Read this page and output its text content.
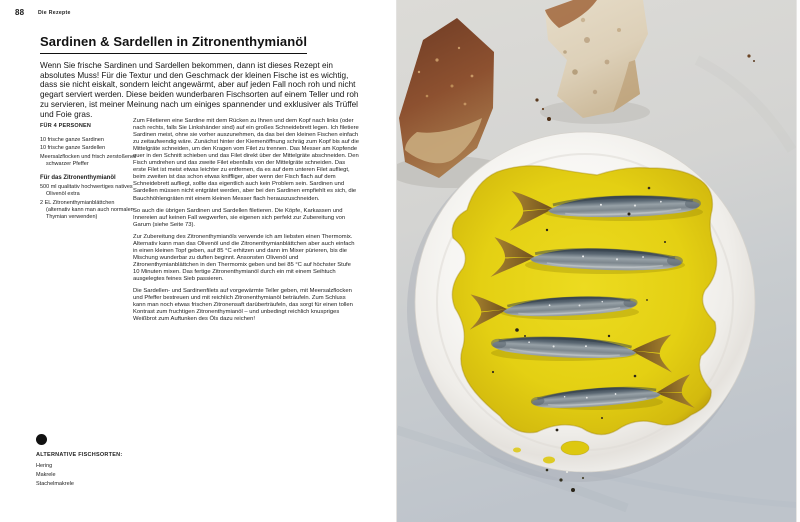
88	Die Rezepte
Sardinen & Sardellen in Zitronenthymianöl
Wenn Sie frische Sardinen und Sardellen bekommen, dann ist dieses Rezept ein absolutes Muss! Für die Textur und den Geschmack der kleinen Fische ist es wichtig, dass sie nicht eiskalt, sondern leicht angewärmt, aber auf jeden Fall noch roh und nicht gegart serviert werden. Diese beiden wunderbaren Fischsorten auf einem Teller und roh zu servieren, ist meiner Meinung nach um einiges spannender und exklusiver als Trüffel und Foie gras.
FÜR 4 PERSONEN
10 frische ganze Sardinen
10 frische ganze Sardellen
Meersalzflocken und frisch zerstoßener schwarzer Pfeffer
Für das Zitronenthymianöl
500 ml qualitativ hochwertiges natives Olivenöl extra
2 EL Zitronenthymianblättchen (alternativ kann man auch normalen Thymian verwenden)

Zum Filetieren eine Sardine mit dem Rücken zu Ihnen und dem Kopf nach links (oder nach rechts, falls Sie Linkshänder sind) auf ein großes Schneidebrett legen. Ich filetiere Sardinen meist, ohne sie vorher auszunehmen, da das bei den kleinen Fischen einfach zu zeitaufwendig wäre. Zunächst hinter der Kiemenöffnung schräg zum Kopf bis auf die Mittelgräte schneiden, um den Kragen vom Filet zu trennen. Das Messer am Kopfende quer in den Schnitt schieben und das Filet direkt über der Mittelgräte abschneiden. Den Fisch umdrehen und das zweite Filet ebenfalls von der Mittelgräte schneiden. Das erste Filet ist meist etwas leichter zu entfernen, da es auf dem unteren Filet aufliegt, beim zweiten ist das schon etwas kniffliger, aber wenn der Fisch flach auf dem Schneidebrett aufliegt, sollte das eigentlich auch kein Problem sein. Sardinen und Sardellen müssen nicht entgrätet werden, aber bei den Sardinen empfiehlt es sich, die Bauchhöhlengräten mit einem kleinen Messer flach herauszuschneiden.

So auch die übrigen Sardinen und Sardellen filetieren. Die Köpfe, Karkassen und Innereien auf keinen Fall wegwerfen, sie eigenen sich perfekt zur Zubereitung von Garum (siehe Seite 73).

Zur Zubereitung des Zitronenthymianöls verwende ich am liebsten einen Thermomix. Alternativ kann man das Olivenöl und die Zitronenthymianblättchen aber auch einfach in einen kleinen Topf geben, auf 85 °C erhitzen und dann im Mixer pürieren, bis die Mischung wunderbar zu duften beginnt. Ansonsten Olivenöl und Zitronenthymianblättchen in den Thermomix geben und bei 85 °C auf höchster Stufe 10 Minuten mixen. Das fertige Zitronenthymianöl durch ein mit einem Seihtuch ausgelegtes feines Sieb passieren.

Die Sardellen- und Sardinenfilets auf vorgewärmte Teller geben, mit Meersalzflocken und Pfeffer bestreuen und mit reichlich Zitronenthymianöl beträufeln. Zum Schluss kann man noch etwas frischen Zitronensaft darüberträufeln, das sorgt für einen tollen Kontrast zum fruchtigen Zitronenthymianöl – und unbedingt reichlich knuspriges Weißbrot zum Auftunken des Öls dazu reichen!

ALTERNATIVE FISCHSORTEN:
Hering
Makrele
Stachelmakrele
